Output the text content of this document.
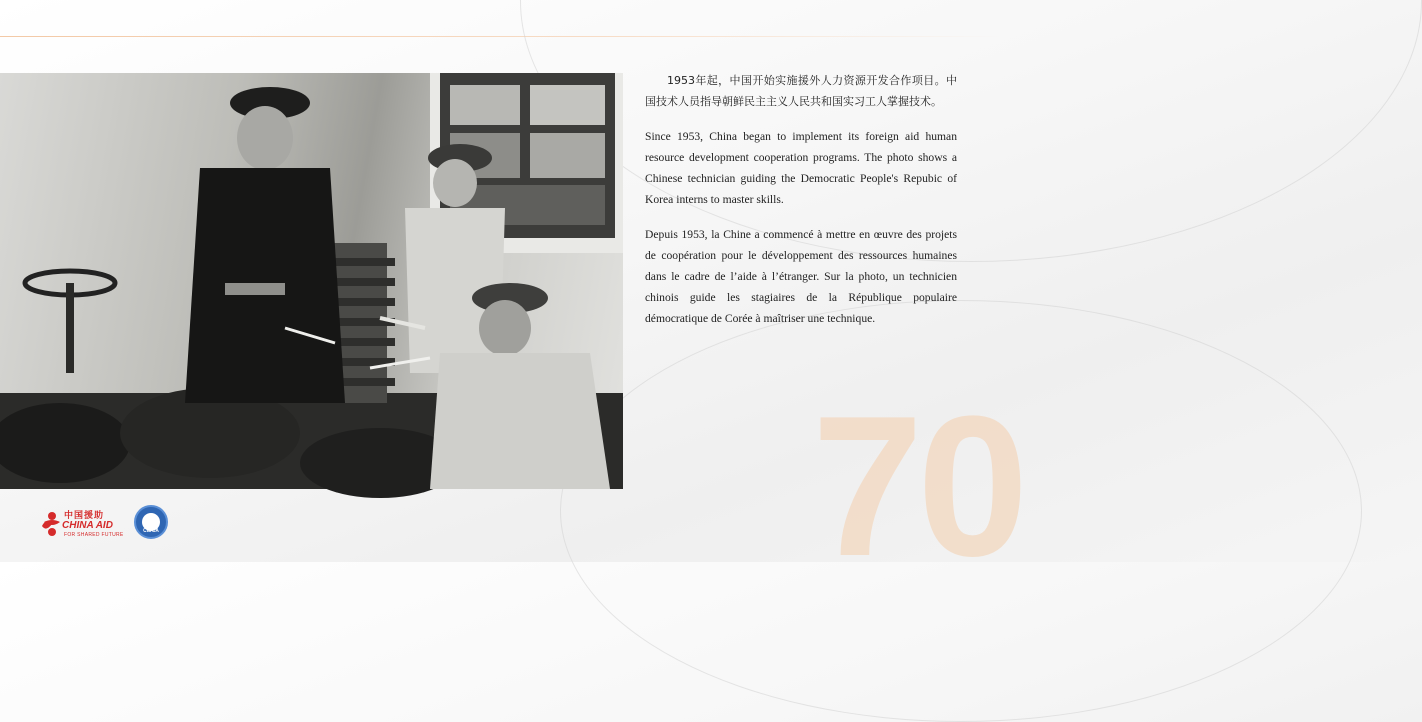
1953年起，中国开始实施援外人力资源开发合作项目。中国技术人员指导朝鲜民主主义人民共和国实习工人掌握技术。

Since 1953, China began to implement its foreign aid human resource development cooperation programs. The photo shows a Chinese technician guiding the Democratic People's Repubic of Korea interns to master skills.

Depuis 1953, la Chine a commencé à mettre en œuvre des projets de coopération pour le développement des ressources humaines dans le cadre de l’aide à l’étranger. Sur la photo, un technicien chinois guide les stagiaires de la République populaire démocratique de Corée à maîtriser une technique.

70
中国援助
CHINA AID
FOR SHARED FUTURE
CIDCA
